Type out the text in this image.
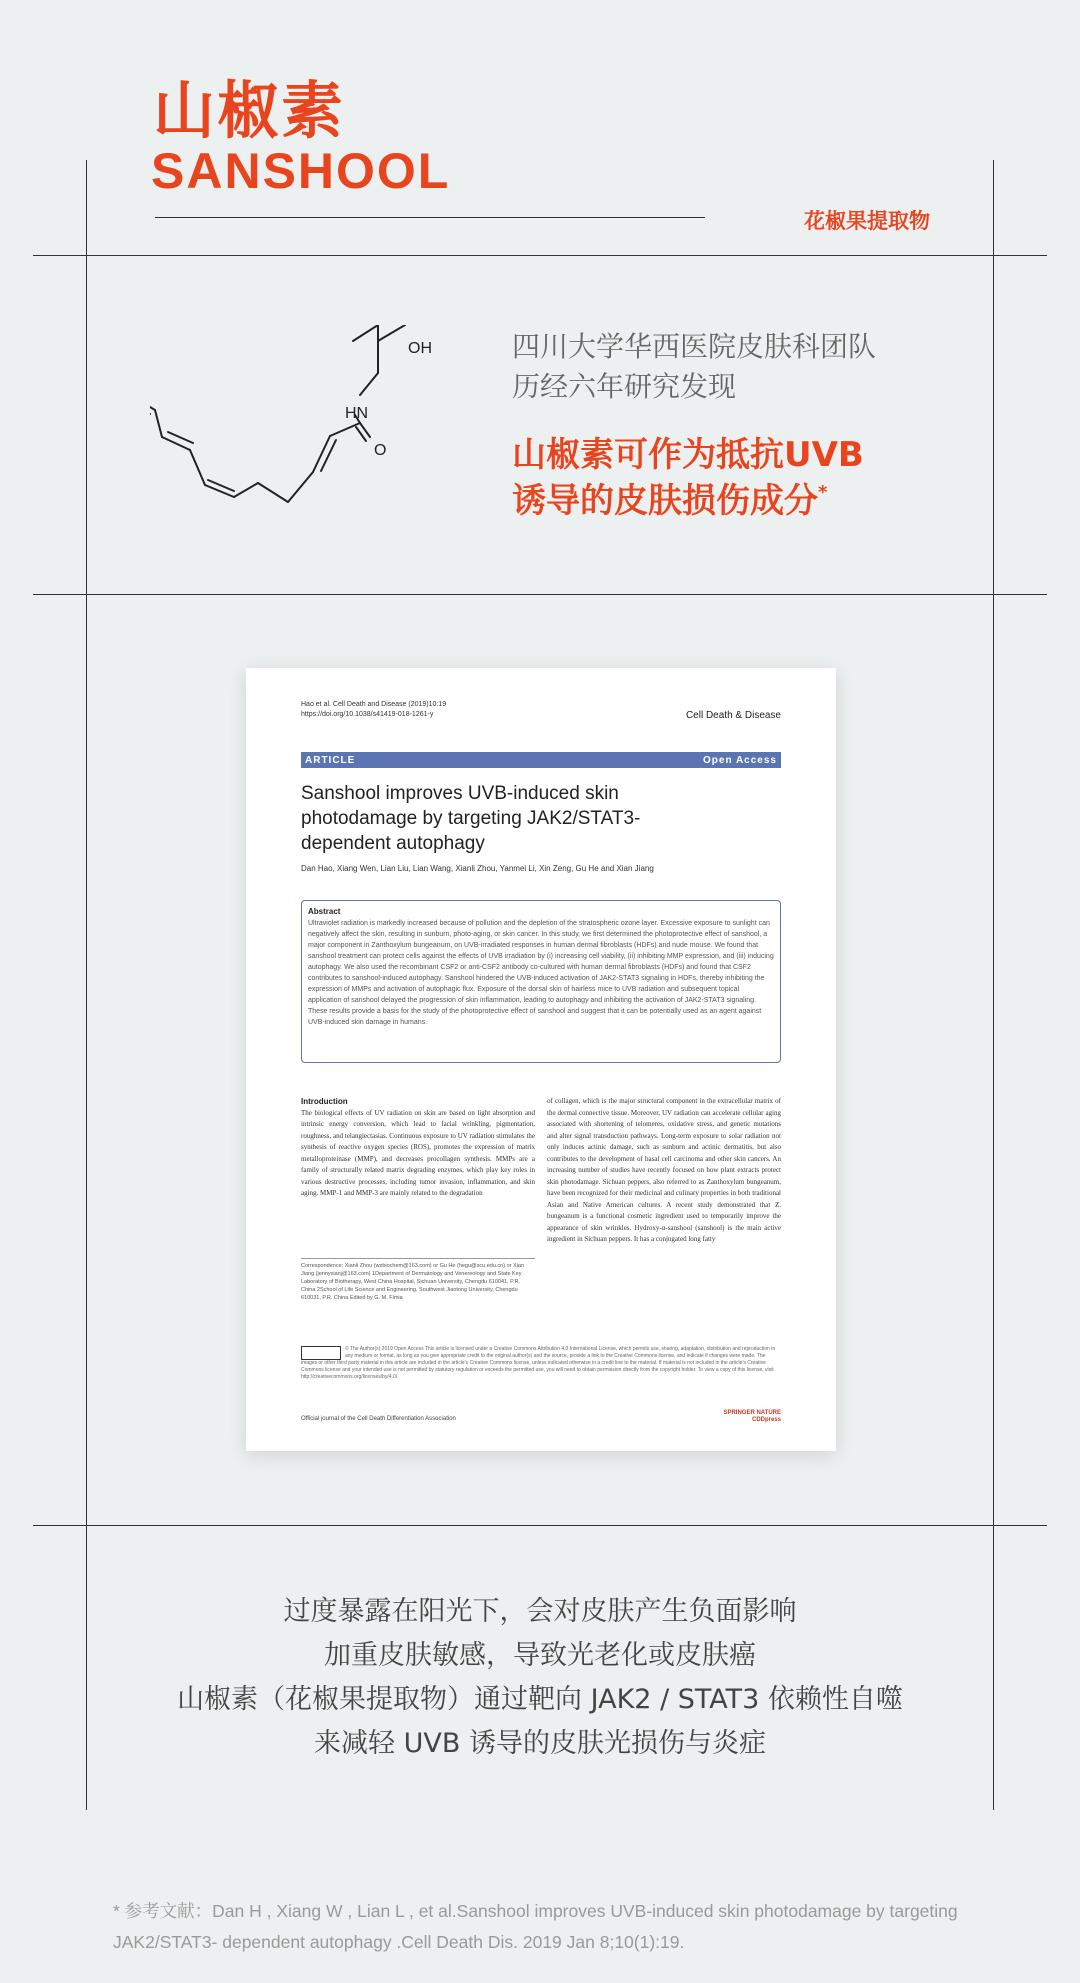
山椒素
SANSHOOL
花椒果提取物
OH
HN
O
四川大学华西医院皮肤科团队
历经六年研究发现
山椒素可作为抵抗UVB
诱导的皮肤损伤成分*
Hao et al. Cell Death and Disease (2019)10:19
https://doi.org/10.1038/s41419-018-1261-y	Cell Death & Disease
ARTICLE	Open Access
Sanshool improves UVB-induced skin photodamage by targeting JAK2/STAT3-dependent autophagy
Dan Hao, Xiang Wen, Lian Liu, Lian Wang, Xianli Zhou, Yanmei Li, Xin Zeng, Gu He and Xian Jiang
Abstract
Ultraviolet radiation is markedly increased because of pollution and the depletion of the stratospheric ozone layer. Excessive exposure to sunlight can negatively affect the skin, resulting in sunburn, photo-aging, or skin cancer. In this study, we first determined the photoprotective effect of sanshool, a major component in Zanthoxylum bungeanum, on UVB-irradiated responses in human dermal fibroblasts (HDFs) and nude mouse. We found that sanshool treatment can protect cells against the effects of UVB irradiation by (i) increasing cell viability, (ii) inhibiting MMP expression, and (iii) inducing autophagy. We also used the recombinant CSF2 or anti-CSF2 antibody co-cultured with human dermal fibroblasts (HDFs) and found that CSF2 contributes to sanshool-induced autophagy. Sanshool hindered the UVB-induced activation of JAK2-STAT3 signaling in HDFs, thereby inhibiting the expression of MMPs and activation of autophagic flux. Exposure of the dorsal skin of hairless mice to UVB radiation and subsequent topical application of sanshool delayed the progression of skin inflammation, leading to autophagy and inhibiting the activation of JAK2-STAT3 signaling. These results provide a basis for the study of the photoprotective effect of sanshool and suggest that it can be potentially used as an agent against UVB-induced skin damage in humans.
Introduction
The biological effects of UV radiation on skin are based on light absorption and intrinsic energy conversion, which lead to facial wrinkling, pigmentation, roughness, and telangiectasias. Continuous exposure to UV radiation stimulates the synthesis of reactive oxygen species (ROS), promotes the expression of matrix metalloproteinase (MMP), and decreases procollagen synthesis. MMPs are a family of structurally related matrix degrading enzymes, which play key roles in various destructive processes, including tumor invasion, inflammation, and skin aging. MMP-1 and MMP-3 are mainly related to the degradation
of collagen, which is the major structural component in the extracellular matrix of the dermal connective tissue. Moreover, UV radiation can accelerate cellular aging associated with shortening of telomeres, oxidative stress, and genetic mutations and alter signal transduction pathways. Long-term exposure to solar radiation not only induces actinic damage, such as sunburn and actinic dermatitis, but also contributes to the development of basal cell carcinoma and other skin cancers. An increasing number of studies have recently focused on how plant extracts protect skin photodamage. Sichuan peppers, also referred to as Zanthoxylum bungeanum, have been recognized for their medicinal and culinary properties in both traditional Asian and Native American cultures. A recent study demonstrated that Z. bungeanum is a functional cosmetic ingredient used to temporarily improve the appearance of skin wrinkles. Hydroxy-α-sanshool (sanshool) is the main active ingredient in Sichuan peppers. It has a conjugated long fatty
Correspondence: Xianli Zhou (wzbiochem@163.com) or Gu He (hegu@scu.edu.cn) or Xian Jiang (jennyxianj@163.com) 1Department of Dermatology and Venereology and State Key Laboratory of Biotherapy, West China Hospital, Sichuan University, Chengdu 610041, P.R. China 2School of Life Science and Engineering, Southwest Jiaotong University, Chengdu 610031, P.R. China Edited by G. M. Fimia
© The Author(s) 2019 Open Access This article is licensed under a Creative Commons Attribution 4.0 International License, which permits use, sharing, adaptation, distribution and reproduction in any medium or format, as long as you give appropriate credit to the original author(s) and the source, provide a link to the Creative Commons license, and indicate if changes were made. The images or other third party material in this article are included in the article's Creative Commons license, unless indicated otherwise in a credit line to the material. If material is not included in the article's Creative Commons license and your intended use is not permitted by statutory regulation or exceeds the permitted use, you will need to obtain permission directly from the copyright holder. To view a copy of this license, visit http://creativecommons.org/licenses/by/4.0/.
Official journal of the Cell Death Differentiation Association
SPRINGER NATURE
CDDpress
过度暴露在阳光下，会对皮肤产生负面影响
加重皮肤敏感，导致光老化或皮肤癌
山椒素（花椒果提取物）通过靶向 JAK2 / STAT3 依赖性自噬
来减轻 UVB 诱导的皮肤光损伤与炎症
* 参考文献：Dan H , Xiang W , Lian L , et al.Sanshool improves UVB-induced skin photodamage by targeting JAK2/STAT3- dependent autophagy .Cell Death Dis. 2019 Jan 8;10(1):19.
